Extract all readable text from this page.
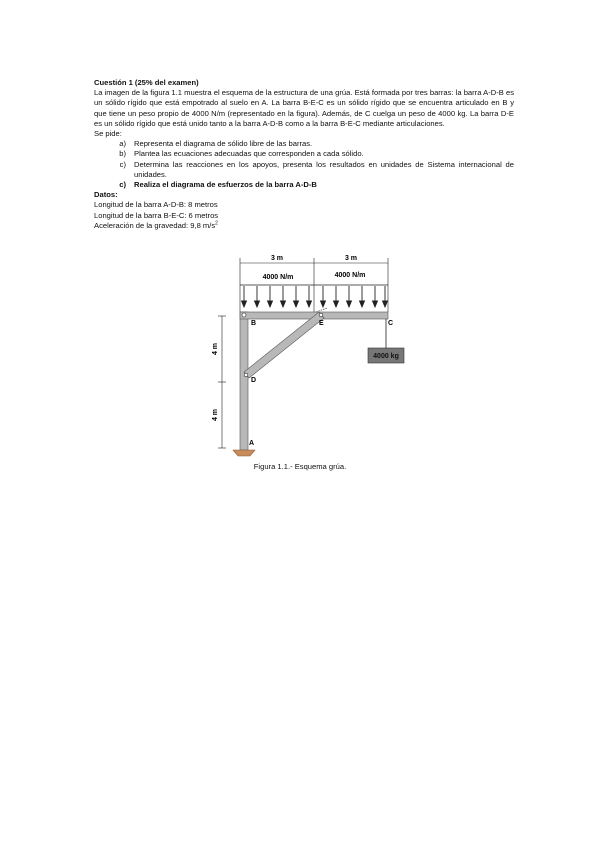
Cuestión 1 (25% del examen)
La imagen de la figura 1.1 muestra el esquema de la estructura de una grúa. Está formada por tres barras: la barra A-D-B es un sólido rígido que está empotrado al suelo en A. La barra B-E-C es un sólido rígido que se encuentra articulado en B y que tiene un peso propio de 4000 N/m (representado en la figura). Además, de C cuelga un peso de 4000 kg. La barra D-E es un sólido rígido que está unido tanto a la barra A-D-B como a la barra B-E-C mediante articulaciones.
Se pide:
a)	Representa el diagrama de sólido libre de las barras.
b)	Plantea las ecuaciones adecuadas que corresponden a cada sólido.
c)	Determina las reacciones en los apoyos, presenta los resultados en unidades de Sistema internacional de unidades.
c)	Realiza el diagrama de esfuerzos de la barra A-D-B
Datos:
Longitud de la barra A-D-B: 8 metros
Longitud de la barra B-E-C: 6 metros
Aceleración de la gravedad: 9,8 $m/s^2$
3 m	3 m
4000 N/m	4000 N/m
4000 kg
B	E	C
D
A
4 m
4 m
Figura 1.1.- Esquema grúa.
